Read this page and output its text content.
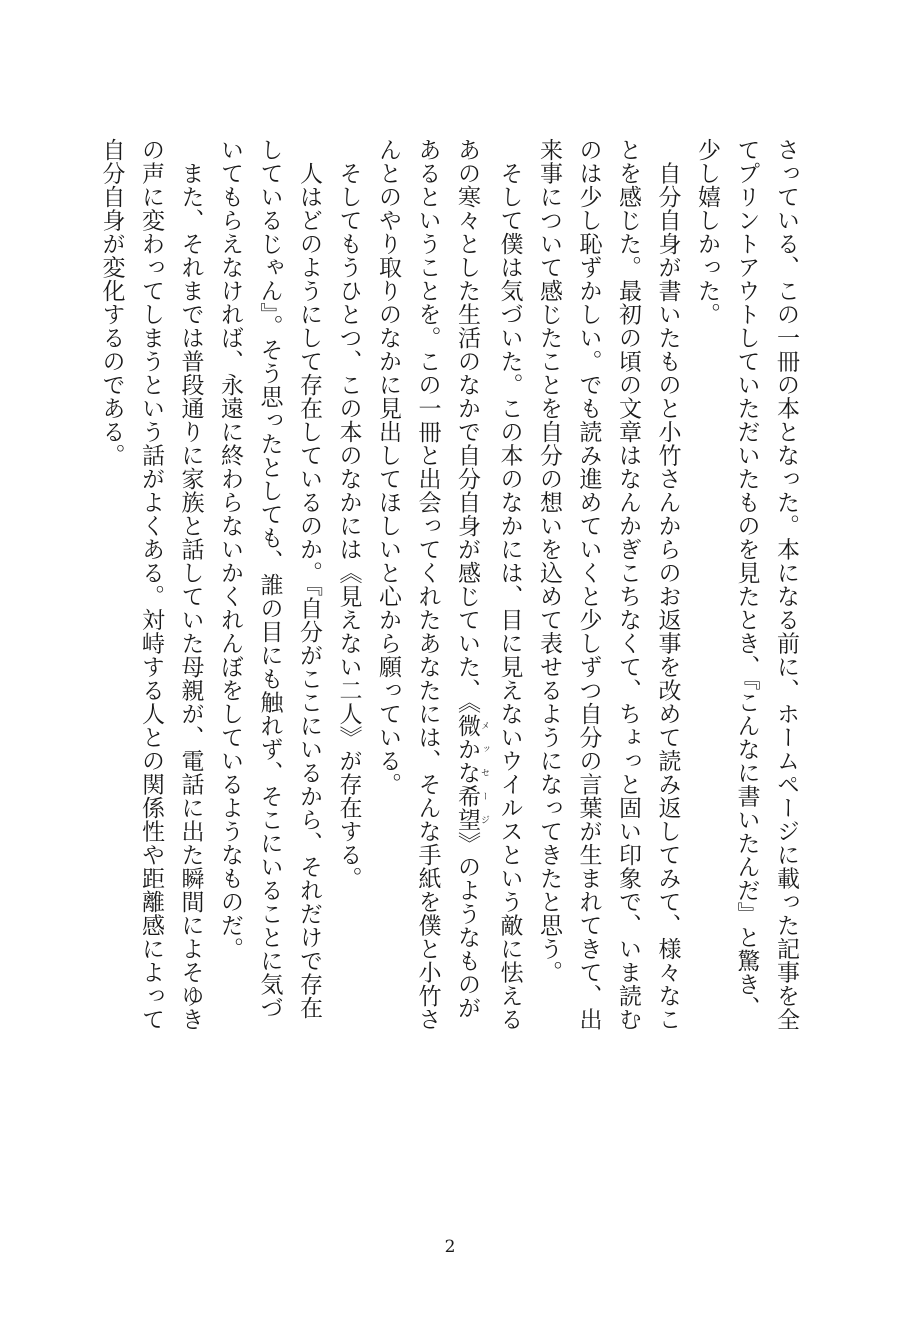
さっている、この一冊の本となった。本になる前に、ホームページに載った記事を全
てプリントアウトしていただいたものを見たとき、『こんなに書いたんだ』と驚き、
少し嬉しかった。
　自分自身が書いたものと小竹さんからのお返事を改めて読み返してみて、様々なこ
とを感じた。最初の頃の文章はなんかぎこちなくて、ちょっと固い印象で、いま読む
のは少し恥ずかしい。でも読み進めていくと少しずつ自分の言葉が生まれてきて、出
来事について感じたことを自分の想いを込めて表せるようになってきたと思う。
　そして僕は気づいた。この本のなかには、目に見えないウイルスという敵に怯える
あの寒々とした生活のなかで自分自身が感じていた、《微かな希望 メッセージ》のようなものが
あるということを。この一冊と出会ってくれたあなたには、そんな手紙を僕と小竹さ
んとのやり取りのなかに見出してほしいと心から願っている。
　そしてもうひとつ、この本のなかには《見えない二人》が存在する。
　人はどのようにして存在しているのか。『自分がここにいるから、それだけで存在
しているじゃん』。そう思ったとしても、誰の目にも触れず、そこにいることに気づ
いてもらえなければ、永遠に終わらないかくれんぼをしているようなものだ。
　また、それまでは普段通りに家族と話していた母親が、電話に出た瞬間によそゆき
の声に変わってしまうという話がよくある。対峙する人との関係性や距離感によって
自分自身が変化するのである。
2
